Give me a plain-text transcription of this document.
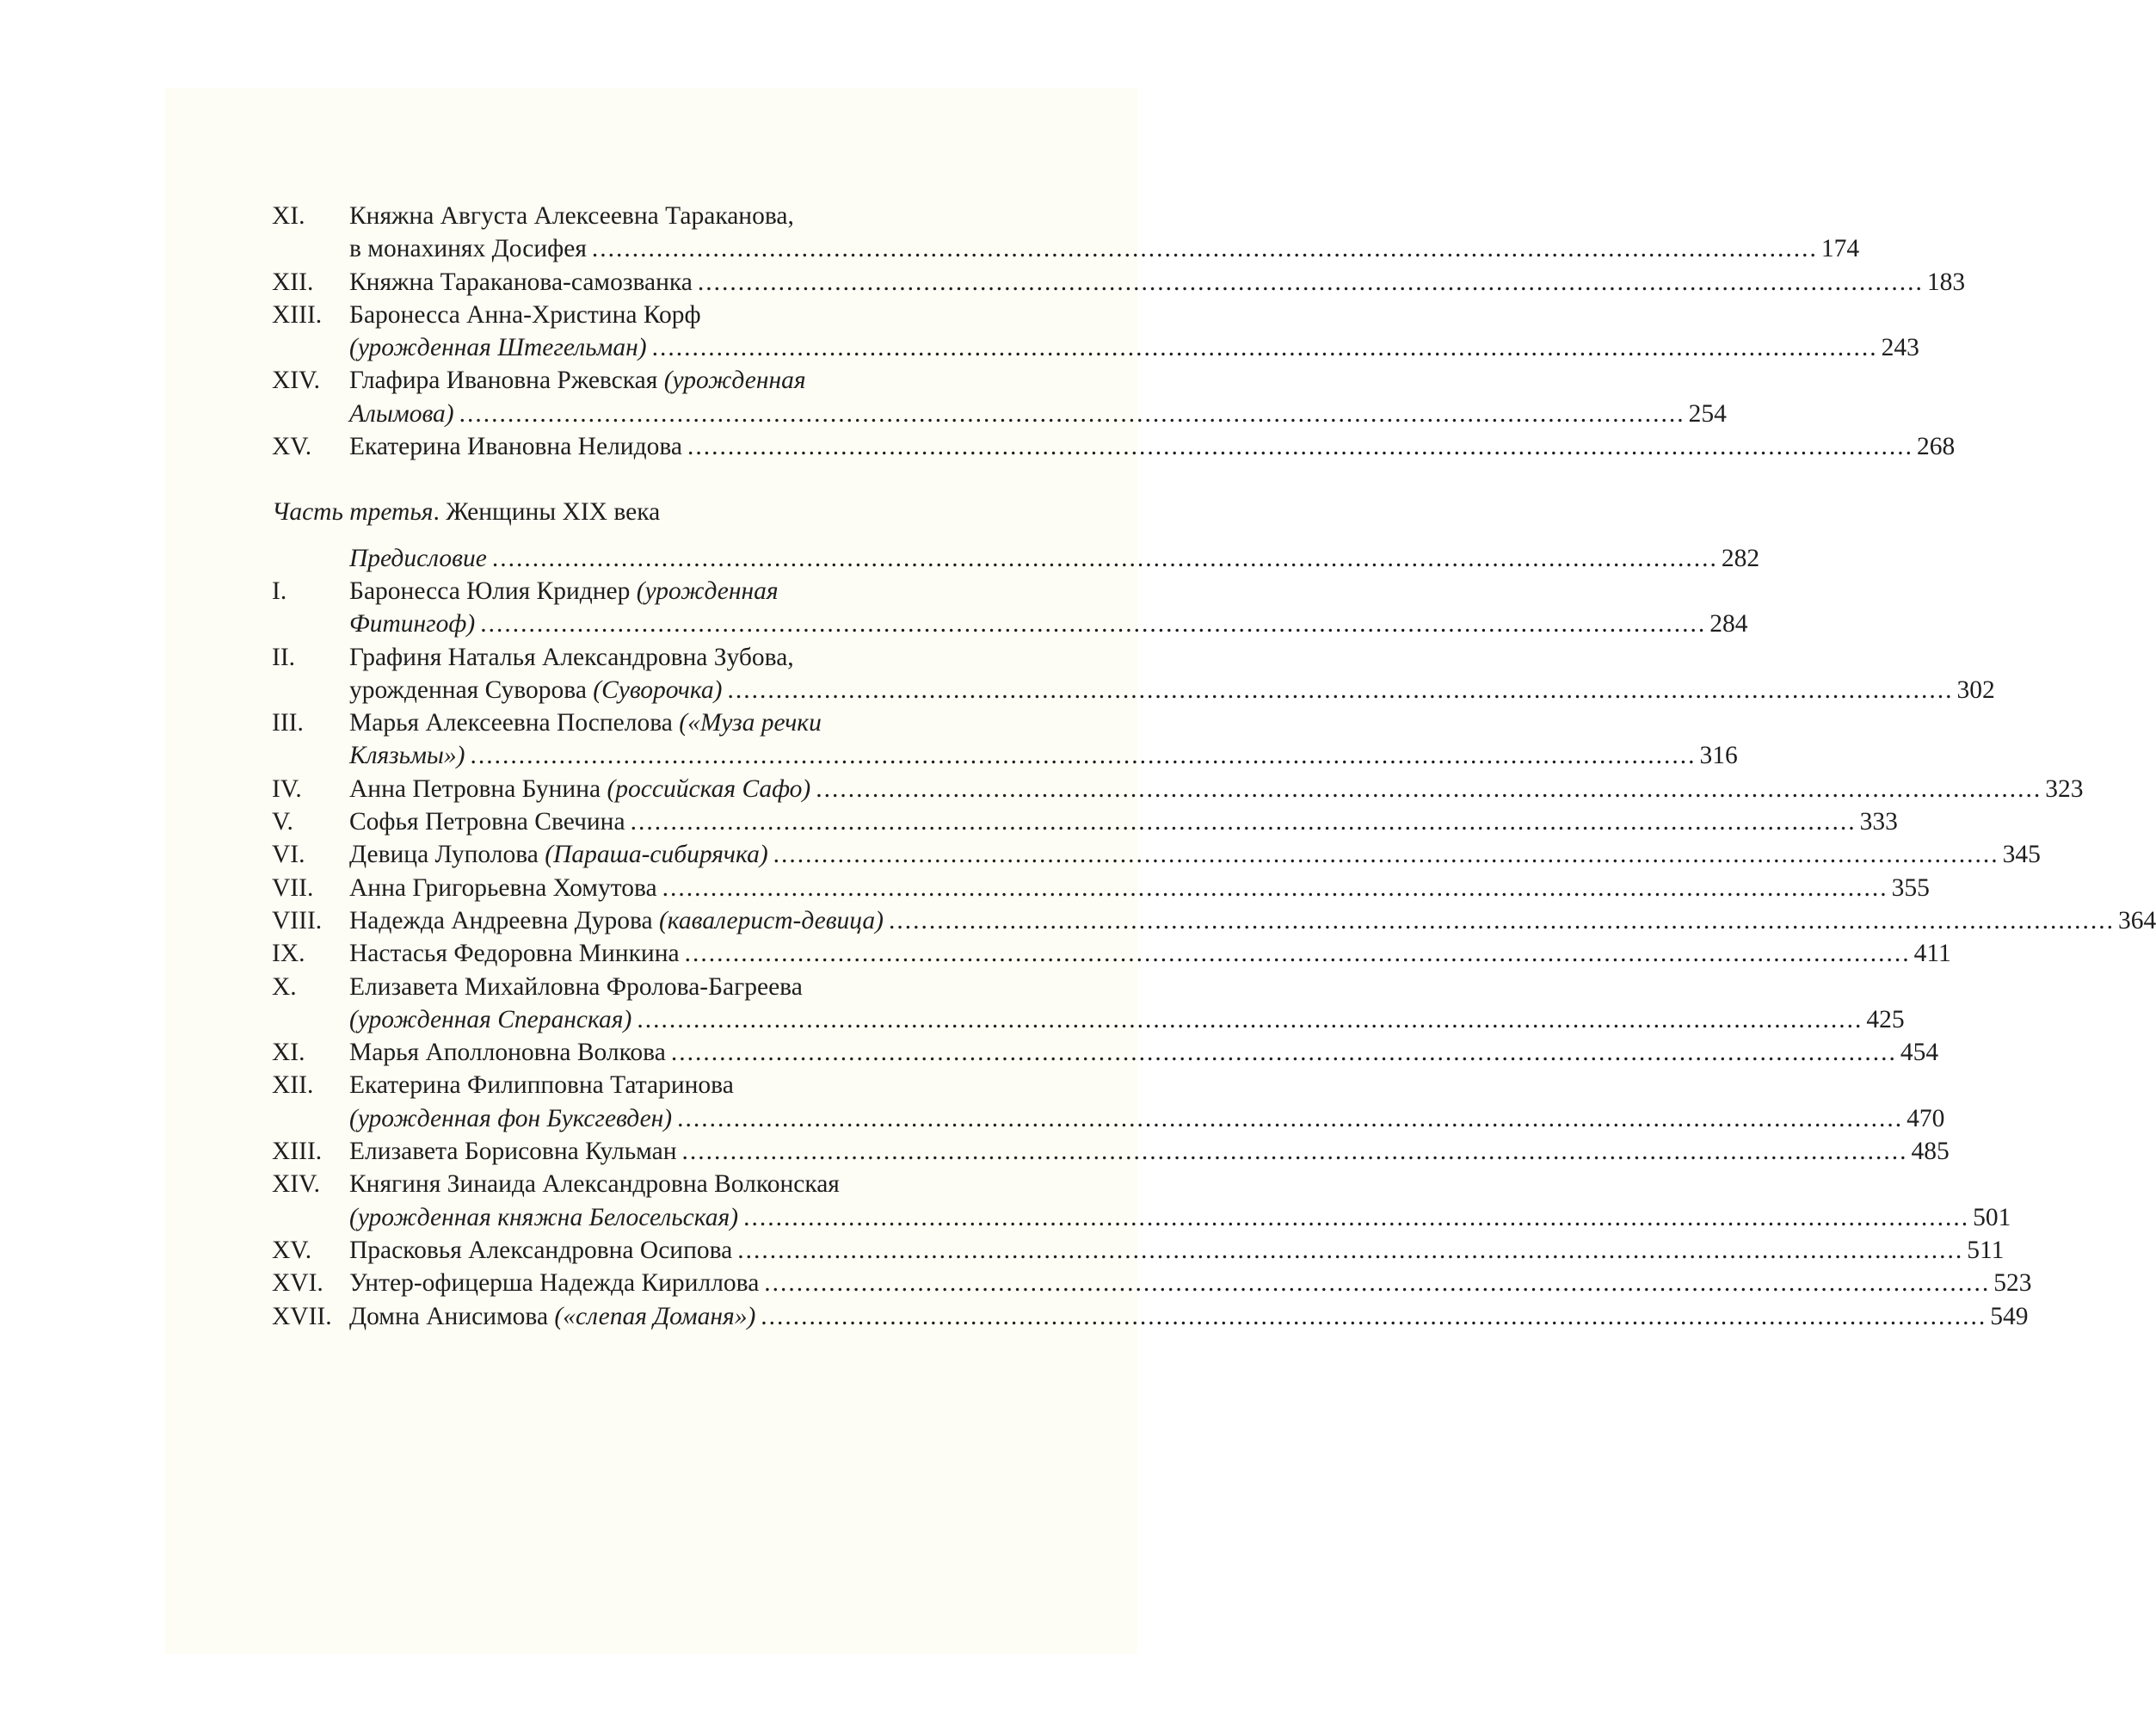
XI.	Княжна Августа Алексеевна Тараканова,
в монахинях Досифея ........................................................................................................................................................ 174
XII.	Княжна Тараканова-самозванка ........................................................................................................................................................ 183
XIII.	Баронесса Анна-Христина Корф
(урожденная Штегельман) ........................................................................................................................................................ 243
XIV.	Глафира Ивановна Ржевская (урожденная
Алымова) ........................................................................................................................................................ 254
XV.	Екатерина Ивановна Нелидова ........................................................................................................................................................ 268
Часть третья. Женщины XIX века
Предисловие ........................................................................................................................................................ 282
I.	Баронесса Юлия Криднер (урожденная
Фитингоф) ........................................................................................................................................................ 284
II.	Графиня Наталья Александровна Зубова,
урожденная Суворова (Суворочка) ........................................................................................................................................................ 302
III.	Марья Алексеевна Поспелова («Муза речки
Клязьмы») ........................................................................................................................................................ 316
IV.	Анна Петровна Бунина (российская Сафо) ........................................................................................................................................................ 323
V.	Софья Петровна Свечина ........................................................................................................................................................ 333
VI.	Девица Луполова (Параша-сибирячка) ........................................................................................................................................................ 345
VII.	Анна Григорьевна Хомутова ........................................................................................................................................................ 355
VIII.	Надежда Андреевна Дурова (кавалерист-девица) ........................................................................................................................................................ 364
IX.	Настасья Федоровна Минкина ........................................................................................................................................................ 411
X.	Елизавета Михайловна Фролова-Багреева
(урожденная Сперанская) ........................................................................................................................................................ 425
XI.	Марья Аполлоновна Волкова ........................................................................................................................................................ 454
XII.	Екатерина Филипповна Татаринова
(урожденная фон Буксгевден) ........................................................................................................................................................ 470
XIII.	Елизавета Борисовна Кульман ........................................................................................................................................................ 485
XIV.	Княгиня Зинаида Александровна Волконская
(урожденная княжна Белосельская) ........................................................................................................................................................ 501
XV.	Прасковья Александровна Осипова ........................................................................................................................................................ 511
XVI.	Унтер-офицерша Надежда Кириллова ........................................................................................................................................................ 523
XVII. Домна Анисимова («слепая Доманя») ........................................................................................................................................................ 549
